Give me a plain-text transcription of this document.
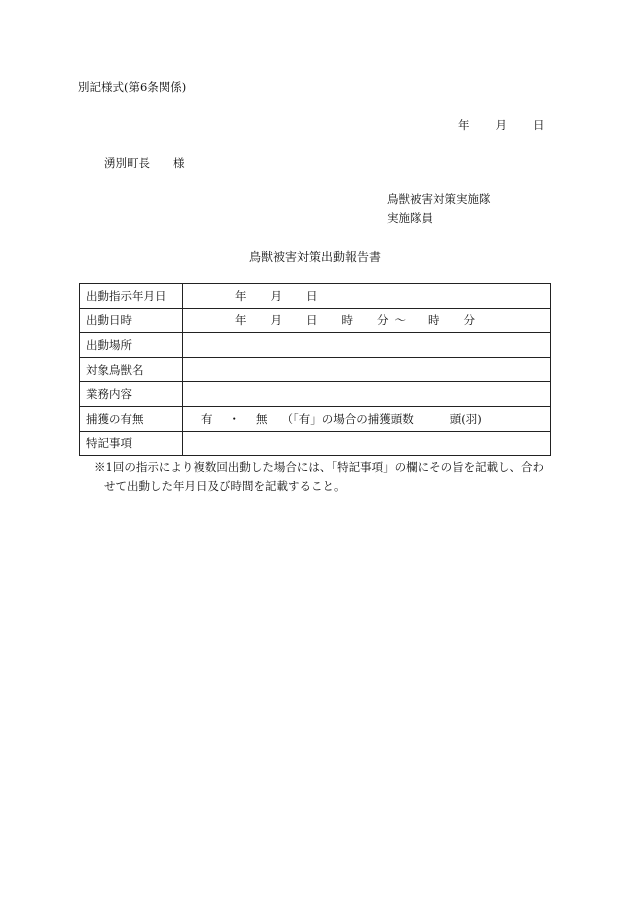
別記様式(第6条関係)
年 月 日
湧別町長　　様
鳥獣被害対策実施隊
実施隊員
鳥獣被害対策出動報告書
出動指示年月日	年 月 日
出動日時	年 月 日 時 分 ～ 時 分
出動場所	
対象鳥獣名	
業務内容	
捕獲の有無	有 ・ 無 （「有」の場合の捕獲頭数 頭(羽)
特記事項	
※1回の指示により複数回出動した場合には、「特記事項」の欄にその旨を記載し、合わ
せて出動した年月日及び時間を記載すること。
